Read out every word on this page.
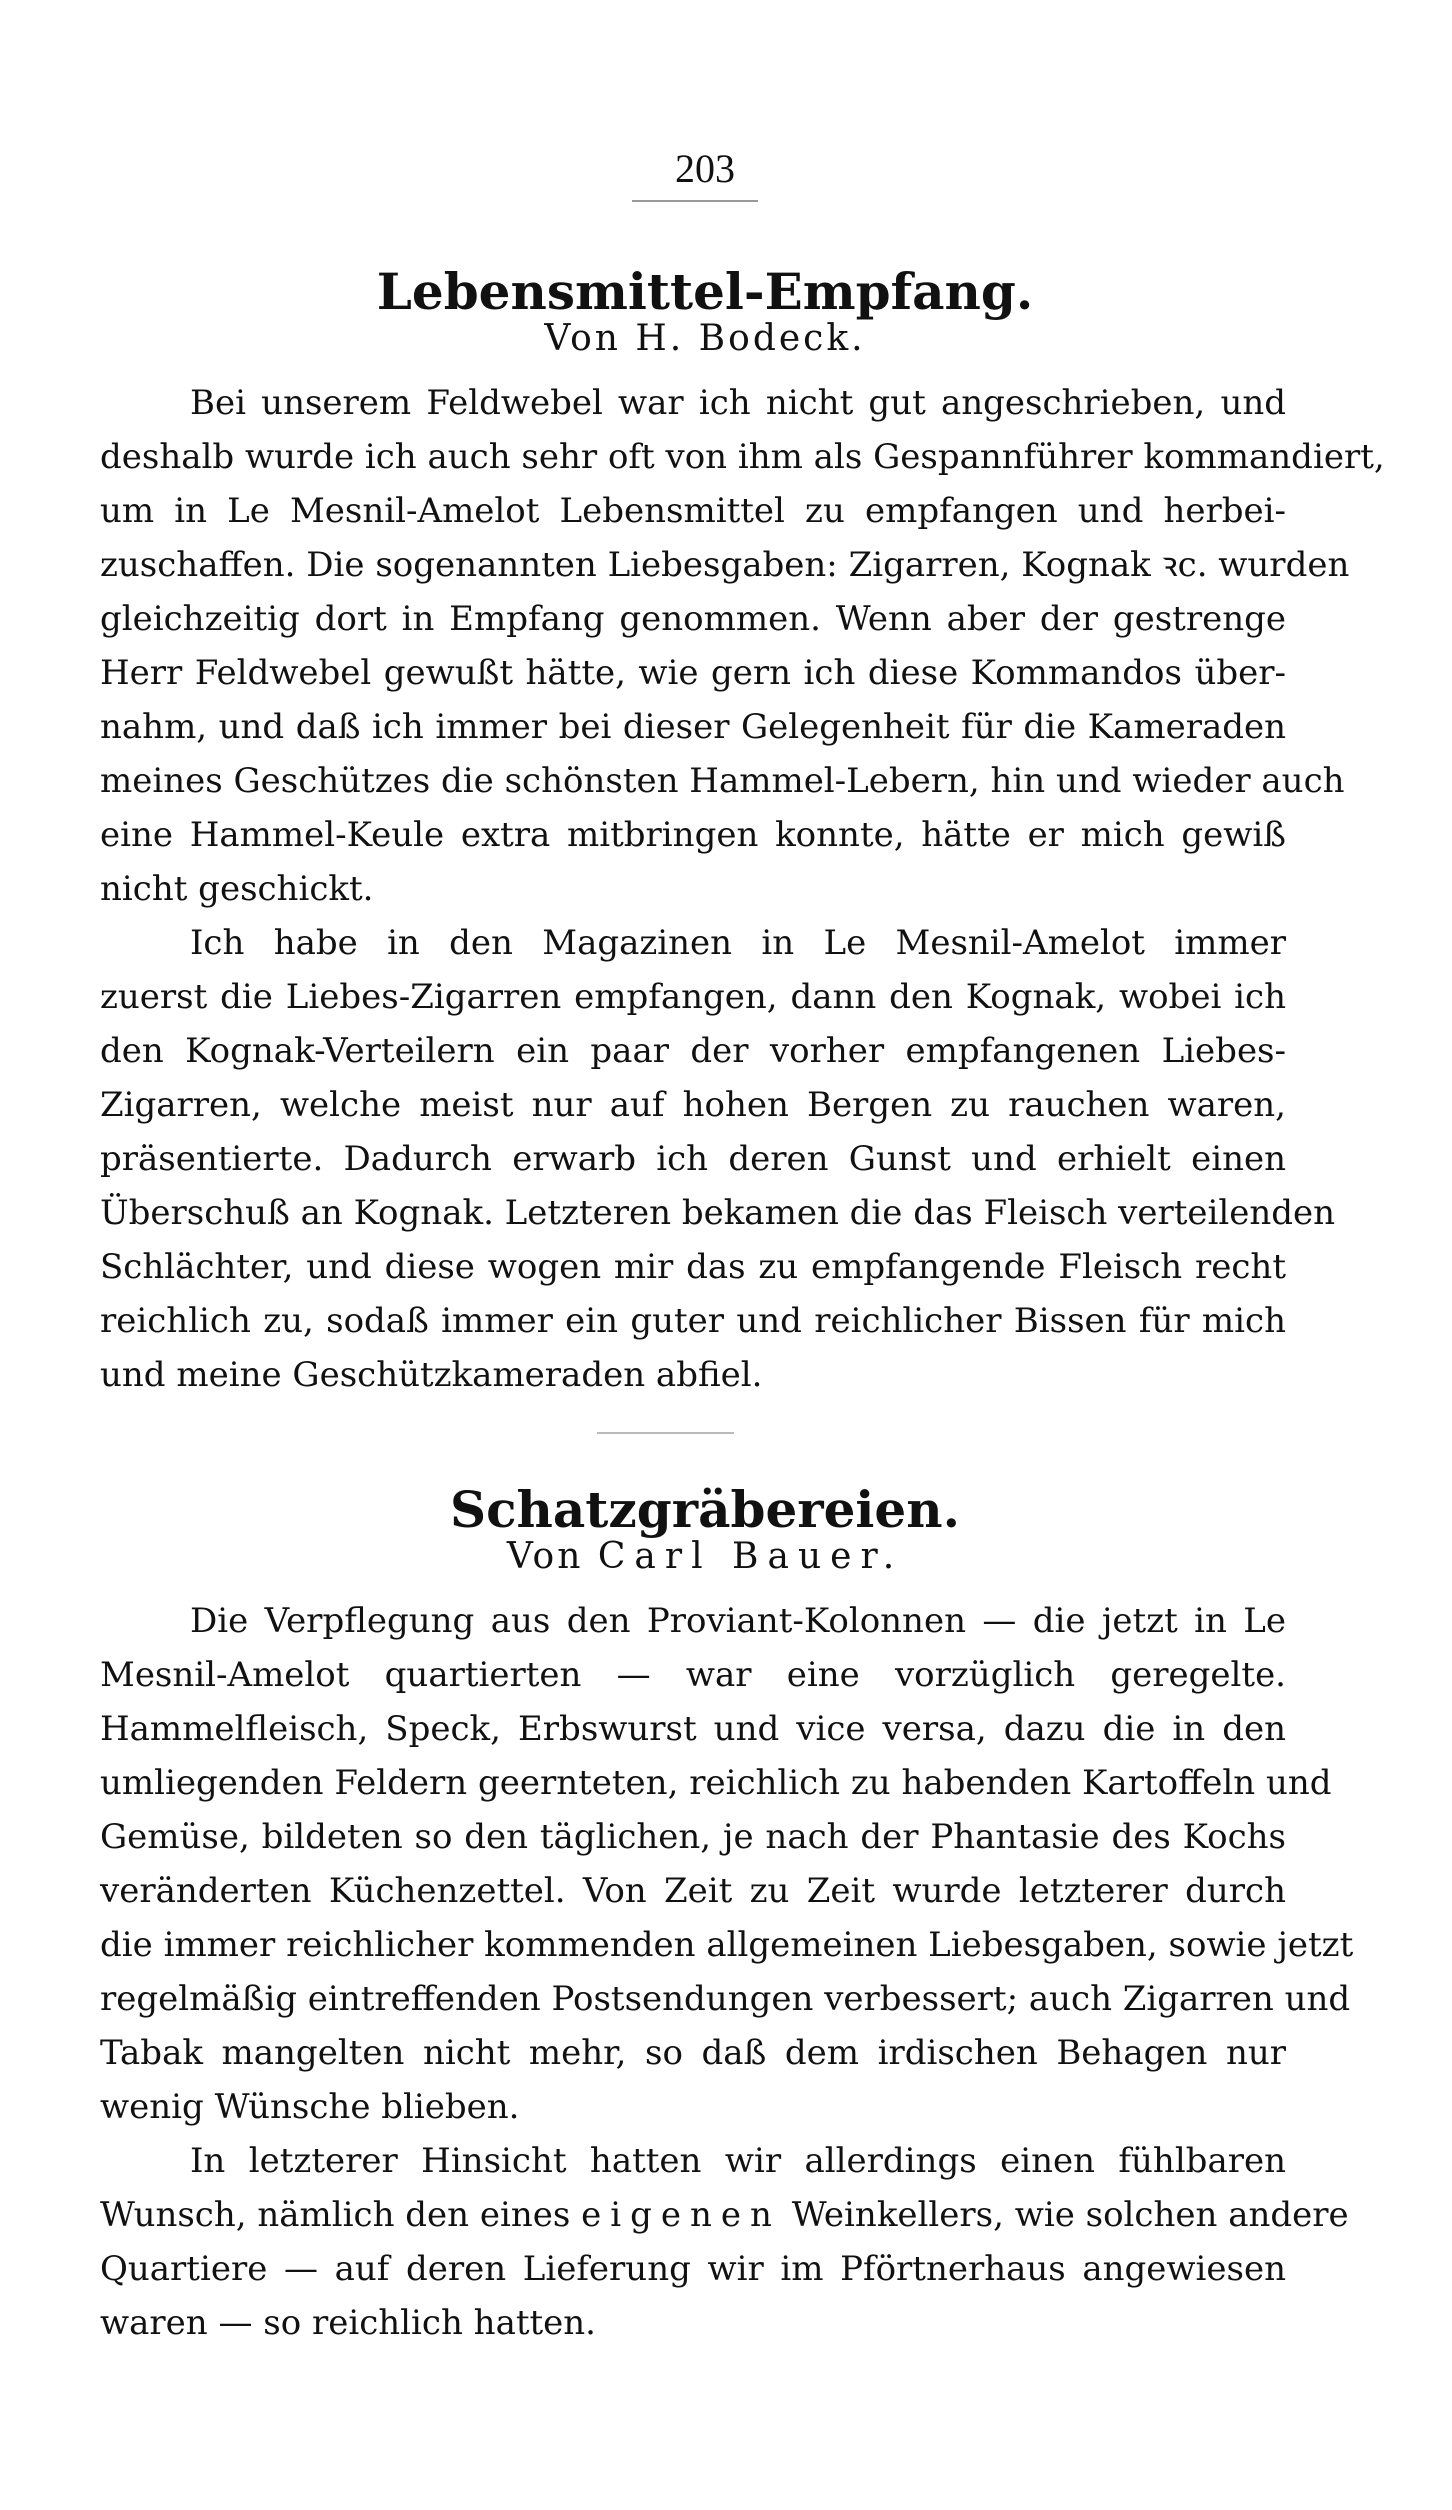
203
Lebensmittel-Empfang.
Von H. Bodeck.
Bei unserem Feldwebel war ich nicht gut angeschrieben, und
deshalb wurde ich auch sehr oft von ihm als Gespannführer kommandiert,
um in Le Mesnil-Amelot Lebensmittel zu empfangen und herbei-
zuschaffen. Die sogenannten Liebesgaben: Zigarren, Kognak ꝛc. wurden
gleichzeitig dort in Empfang genommen. Wenn aber der gestrenge
Herr Feldwebel gewußt hätte, wie gern ich diese Kommandos über-
nahm, und daß ich immer bei dieser Gelegenheit für die Kameraden
meines Geschützes die schönsten Hammel-Lebern, hin und wieder auch
eine Hammel-Keule extra mitbringen konnte, hätte er mich gewiß
nicht geschickt.
Ich habe in den Magazinen in Le Mesnil-Amelot immer
zuerst die Liebes-Zigarren empfangen, dann den Kognak, wobei ich
den Kognak-Verteilern ein paar der vorher empfangenen Liebes-
Zigarren, welche meist nur auf hohen Bergen zu rauchen waren,
präsentierte. Dadurch erwarb ich deren Gunst und erhielt einen
Überschuß an Kognak. Letzteren bekamen die das Fleisch verteilenden
Schlächter, und diese wogen mir das zu empfangende Fleisch recht
reichlich zu, sodaß immer ein guter und reichlicher Bissen für mich
und meine Geschützkameraden abfiel.
Schatzgräbereien.
Von Carl Bauer.
Die Verpflegung aus den Proviant-Kolonnen — die jetzt in Le
Mesnil-Amelot quartierten — war eine vorzüglich geregelte.
Hammelfleisch, Speck, Erbswurst und vice versa, dazu die in den
umliegenden Feldern geernteten, reichlich zu habenden Kartoffeln und
Gemüse, bildeten so den täglichen, je nach der Phantasie des Kochs
veränderten Küchenzettel. Von Zeit zu Zeit wurde letzterer durch
die immer reichlicher kommenden allgemeinen Liebesgaben, sowie jetzt
regelmäßig eintreffenden Postsendungen verbessert; auch Zigarren und
Tabak mangelten nicht mehr, so daß dem irdischen Behagen nur
wenig Wünsche blieben.
In letzterer Hinsicht hatten wir allerdings einen fühlbaren
Wunsch, nämlich den eines eigenen Weinkellers, wie solchen andere
Quartiere — auf deren Lieferung wir im Pförtnerhaus angewiesen
waren — so reichlich hatten.
